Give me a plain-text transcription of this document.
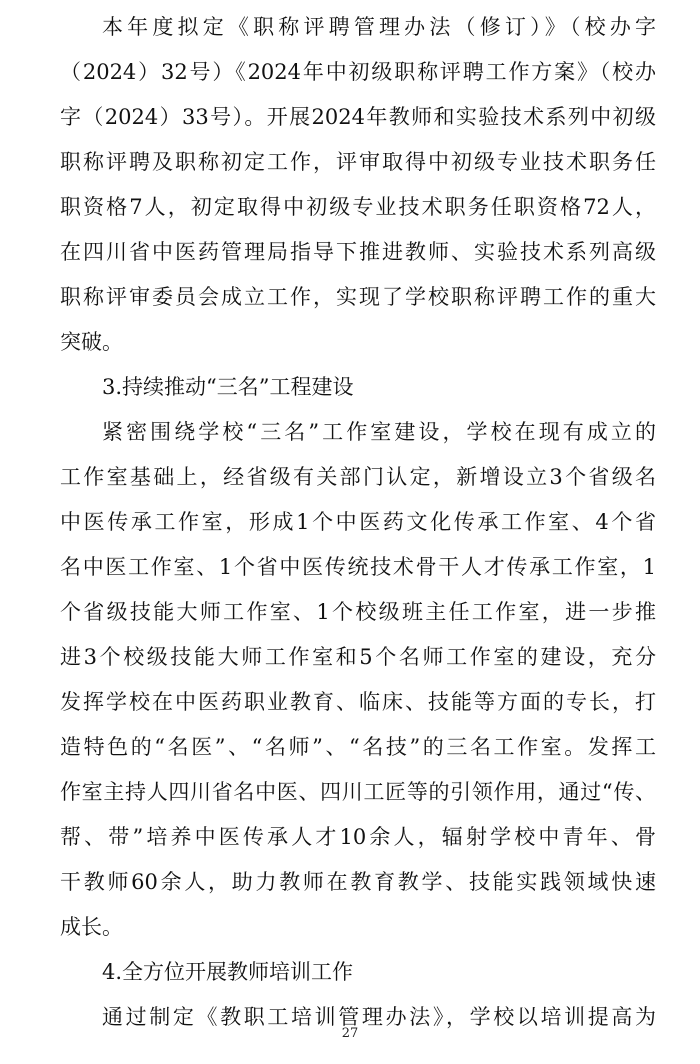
本年度拟定《职称评聘管理办法（修订）》（校办字
（2024）32号）《2024年中初级职称评聘工作方案》（校办
字（2024）33号）。开展2024年教师和实验技术系列中初级
职称评聘及职称初定工作，评审取得中初级专业技术职务任
职资格7人，初定取得中初级专业技术职务任职资格72人，
在四川省中医药管理局指导下推进教师、实验技术系列高级
职称评审委员会成立工作，实现了学校职称评聘工作的重大
突破。
3.持续推动“三名”工程建设
紧密围绕学校“三名”工作室建设，学校在现有成立的
工作室基础上，经省级有关部门认定，新增设立3个省级名
中医传承工作室，形成1个中医药文化传承工作室、4个省
名中医工作室、1个省中医传统技术骨干人才传承工作室，1
个省级技能大师工作室、1个校级班主任工作室，进一步推
进3个校级技能大师工作室和5个名师工作室的建设，充分
发挥学校在中医药职业教育、临床、技能等方面的专长，打
造特色的“名医”、“名师”、“名技”的三名工作室。发挥工
作室主持人四川省名中医、四川工匠等的引领作用，通过“传、
帮、带”培养中医传承人才10余人，辐射学校中青年、骨
干教师60余人，助力教师在教育教学、技能实践领域快速
成长。
4.全方位开展教师培训工作
通过制定《教职工培训管理办法》，学校以培训提高为
27
